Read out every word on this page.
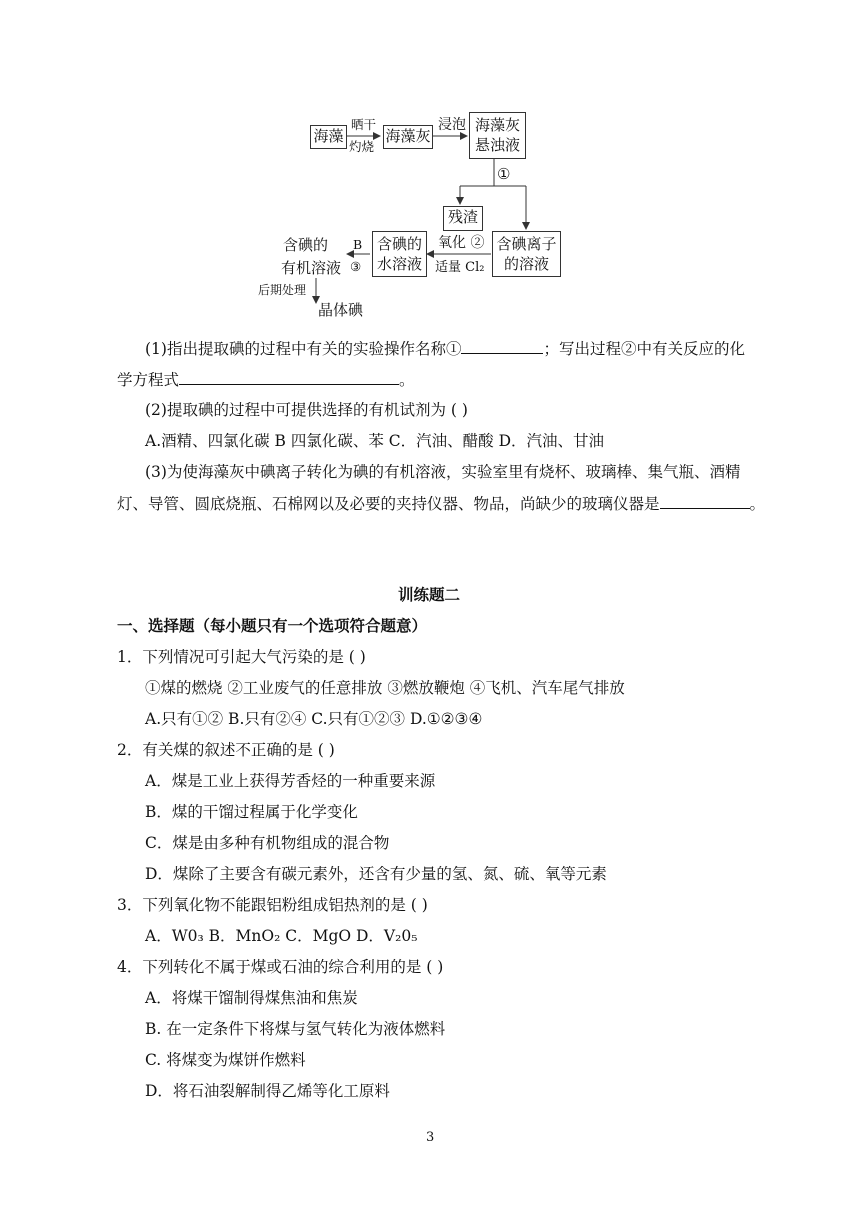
海藻
晒干
灼烧
海藻灰
浸泡 海藻灰
悬浊液
①
残渣
含碘离子
的溶液
氧化 ②
适量 Cl₂
含碘的
水溶液
B
③
含碘的
有机溶液
后期处理
晶体碘
(1)指出提取碘的过程中有关的实验操作名称①	；写出过程②中有关反应的化
学方程式	。
(2)提取碘的过程中可提供选择的有机试剂为 ( )
A.酒精、四氯化碳 B 四氯化碳、苯 C．汽油、醋酸 D．汽油、甘油
(3)为使海藻灰中碘离子转化为碘的有机溶液，实验室里有烧杯、玻璃棒、集气瓶、酒精
灯、导管、圆底烧瓶、石棉网以及必要的夹持仪器、物品，尚缺少的玻璃仪器是	。
训练题二
一、选择题（每小题只有一个选项符合题意）
1．下列情况可引起大气污染的是 ( )
①煤的燃烧 ②工业废气的任意排放 ③燃放鞭炮 ④飞机、汽车尾气排放
A.只有①② B.只有②④ C.只有①②③ D.①②③④
2．有关煤的叙述不正确的是 ( )
A．煤是工业上获得芳香烃的一种重要来源
B．煤的干馏过程属于化学变化
C．煤是由多种有机物组成的混合物
D．煤除了主要含有碳元素外，还含有少量的氢、氮、硫、氧等元素
3．下列氧化物不能跟铝粉组成铝热剂的是 ( )
A．W0₃ B．MnO₂ C．MgO D．V₂0₅
4．下列转化不属于煤或石油的综合利用的是 ( )
A．将煤干馏制得煤焦油和焦炭
B. 在一定条件下将煤与氢气转化为液体燃料
C. 将煤变为煤饼作燃料
D．将石油裂解制得乙烯等化工原料
3
